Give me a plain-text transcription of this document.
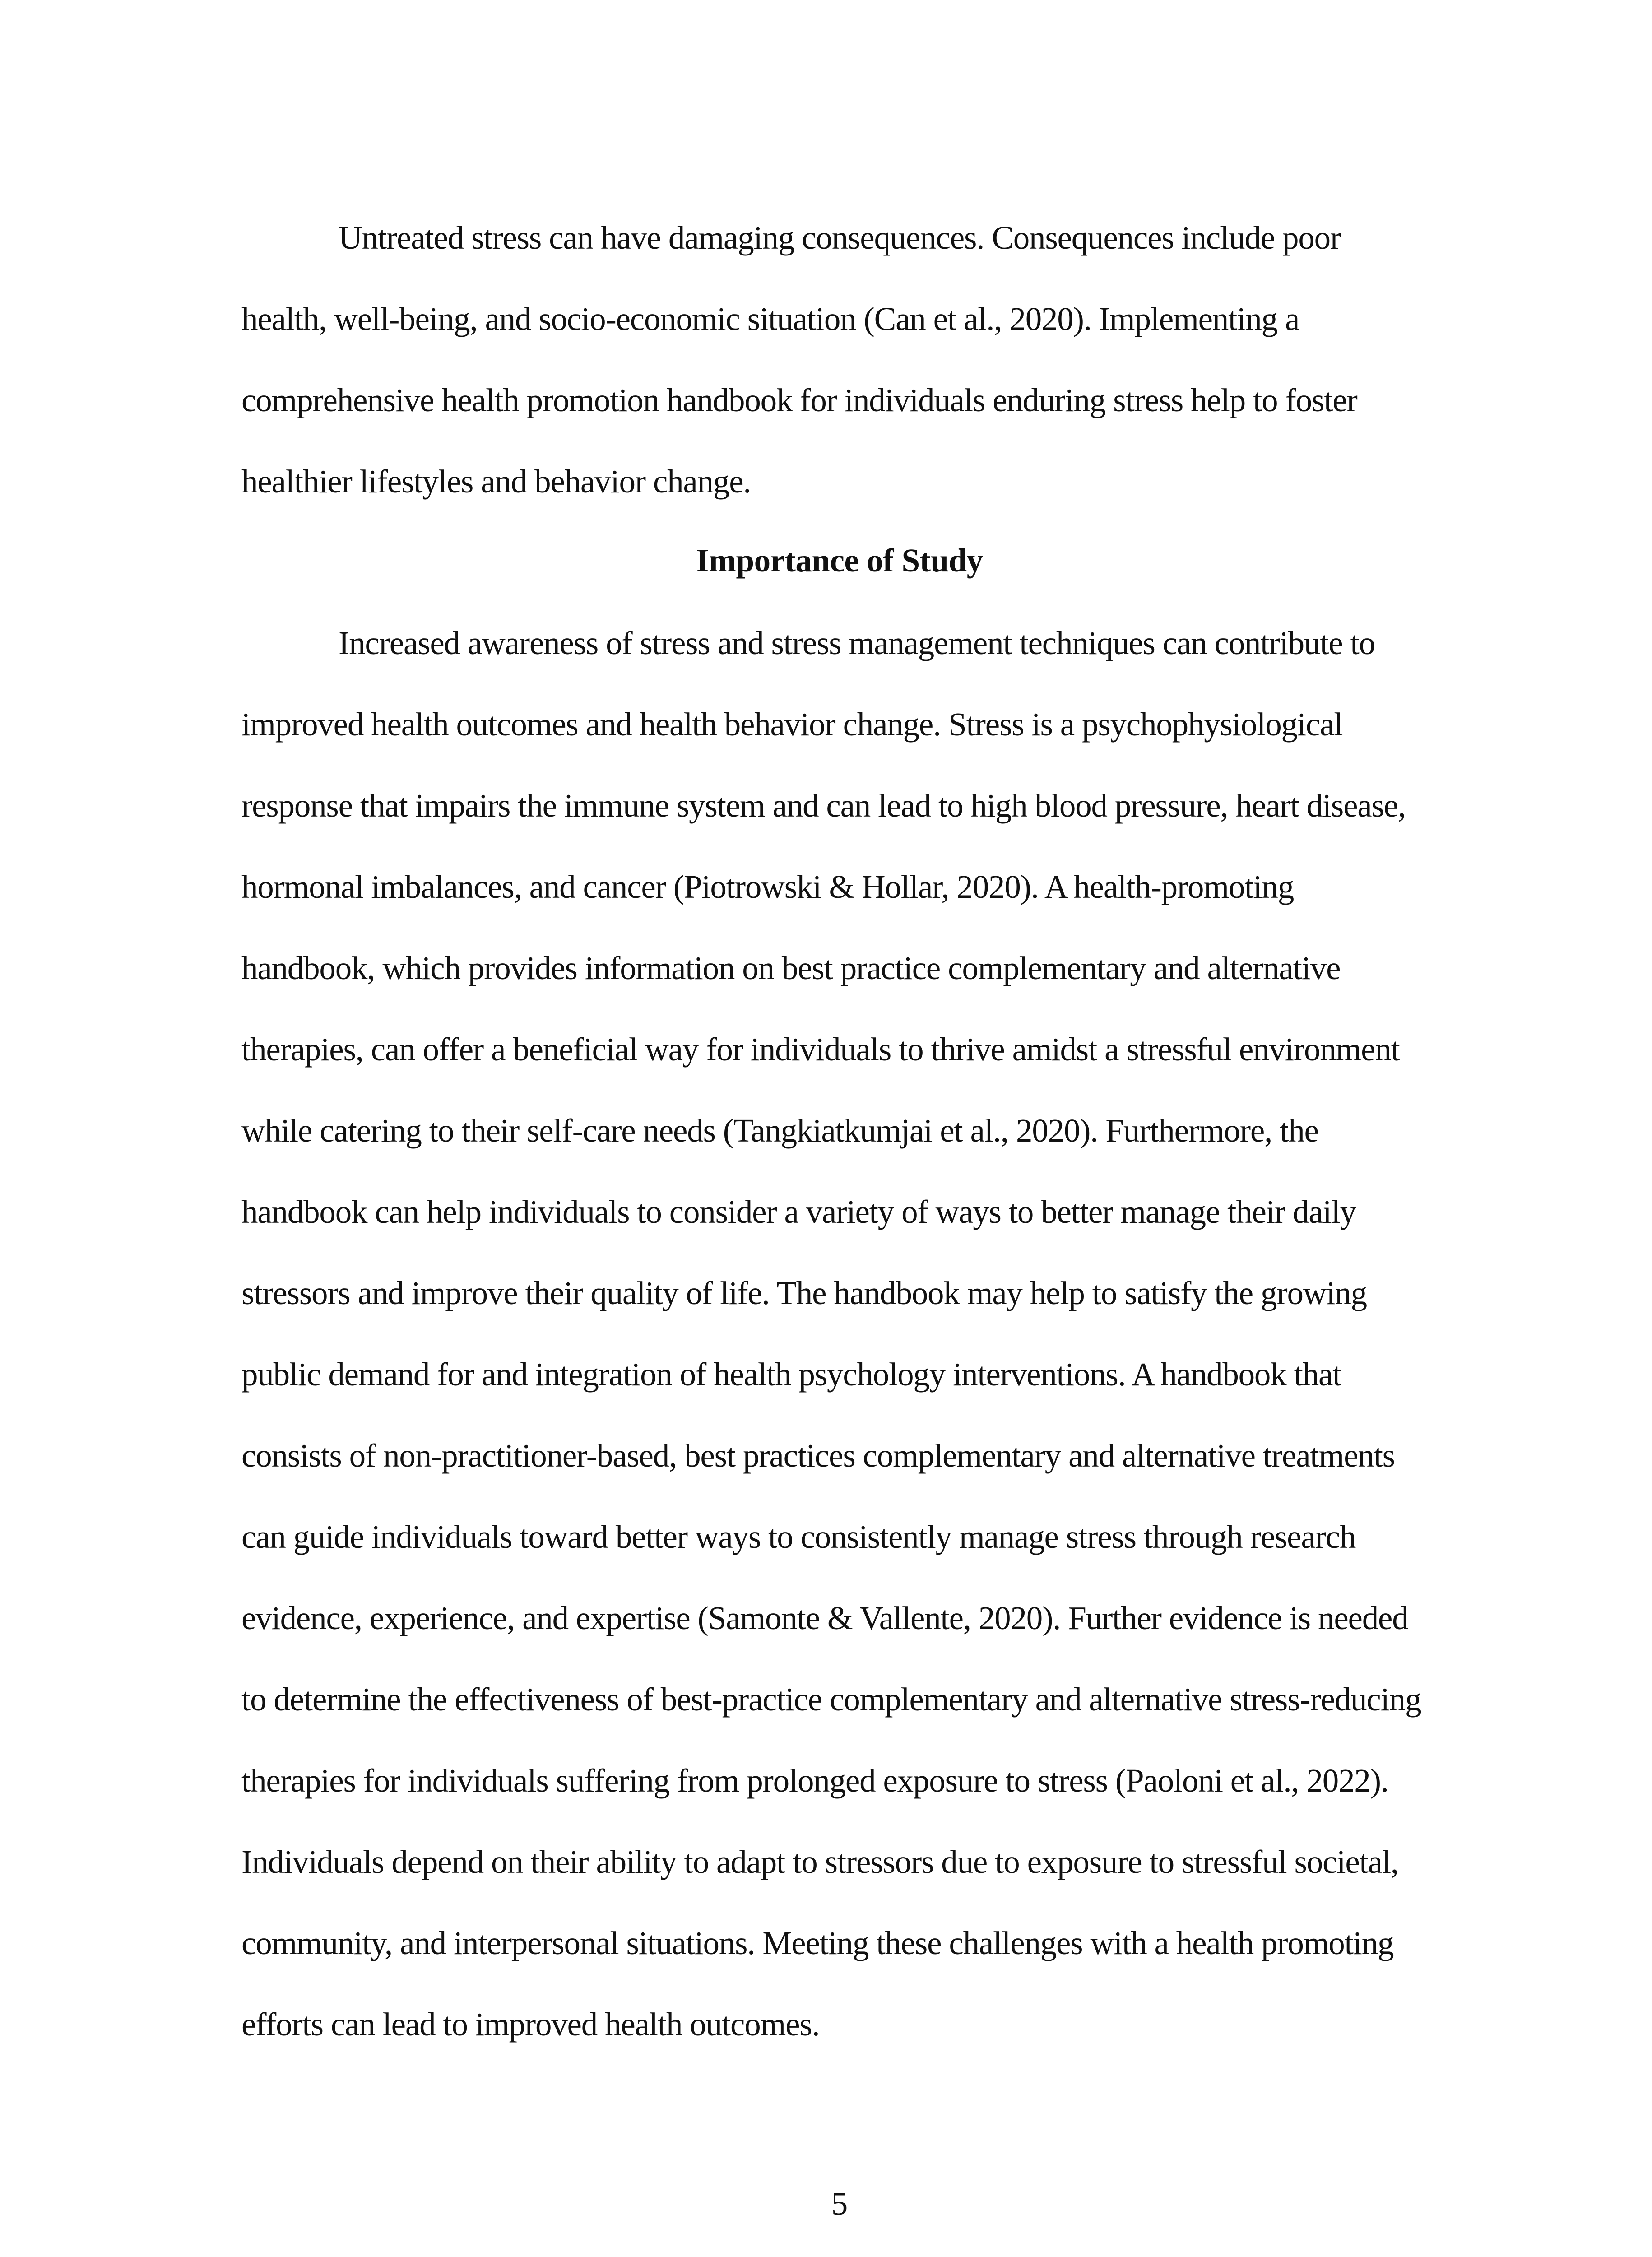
Untreated stress can have damaging consequences. Consequences include poor

health, well-being, and socio-economic situation (Can et al., 2020). Implementing a

comprehensive health promotion handbook for individuals enduring stress help to foster

healthier lifestyles and behavior change.

Importance of Study

Increased awareness of stress and stress management techniques can contribute to

improved health outcomes and health behavior change. Stress is a psychophysiological

response that impairs the immune system and can lead to high blood pressure, heart disease,

hormonal imbalances, and cancer (Piotrowski & Hollar, 2020). A health-promoting

handbook, which provides information on best practice complementary and alternative

therapies, can offer a beneficial way for individuals to thrive amidst a stressful environment

while catering to their self-care needs (Tangkiatkumjai et al., 2020). Furthermore, the

handbook can help individuals to consider a variety of ways to better manage their daily

stressors and improve their quality of life. The handbook may help to satisfy the growing

public demand for and integration of health psychology interventions. A handbook that

consists of non-practitioner-based, best practices complementary and alternative treatments

can guide individuals toward better ways to consistently manage stress through research

evidence, experience, and expertise (Samonte & Vallente, 2020). Further evidence is needed

to determine the effectiveness of best-practice complementary and alternative stress-reducing

therapies for individuals suffering from prolonged exposure to stress (Paoloni et al., 2022).

Individuals depend on their ability to adapt to stressors due to exposure to stressful societal,

community, and interpersonal situations. Meeting these challenges with a health promoting

efforts can lead to improved health outcomes.

5
